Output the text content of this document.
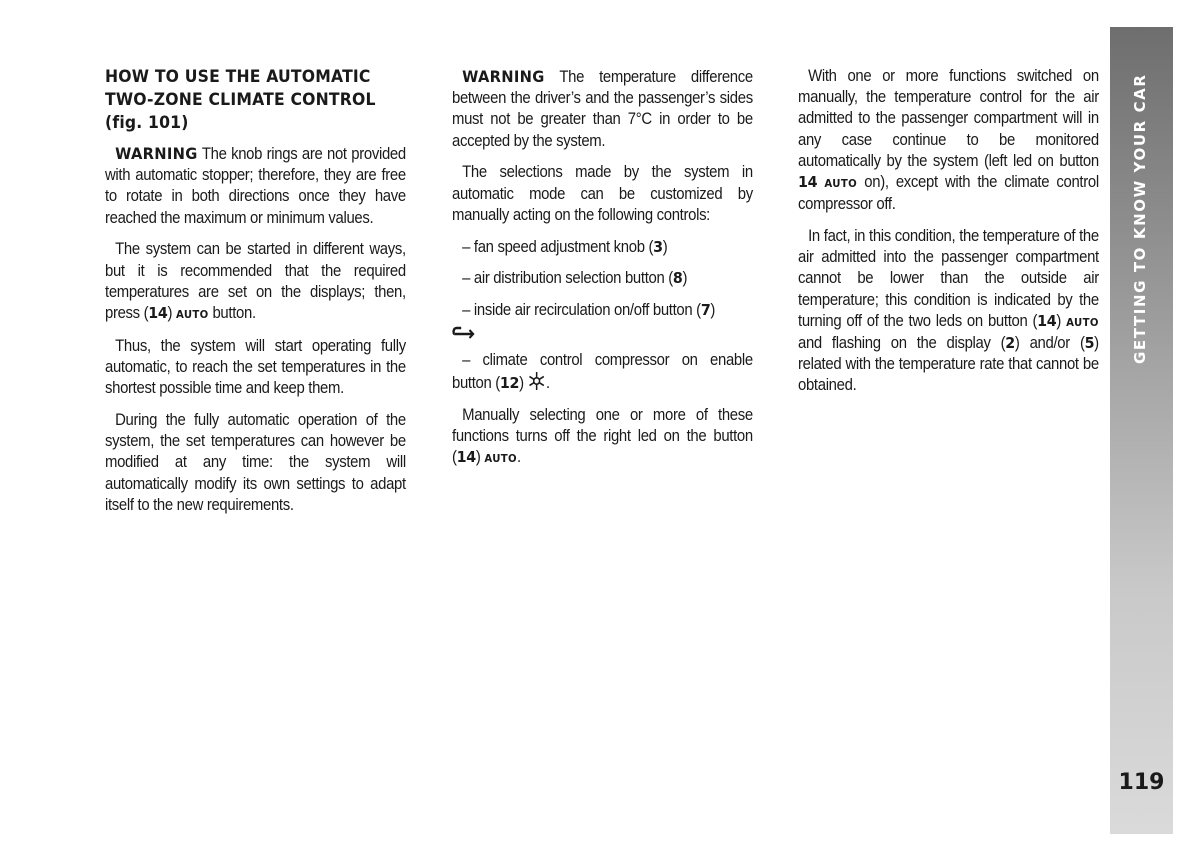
HOW TO USE THE AUTOMATIC
TWO-ZONE CLIMATE CONTROL
(fig. 101)

WARNING The knob rings are not provided with automatic stopper; therefore, they are free to rotate in both directions once they have reached the maximum or minimum values.

The system can be started in different ways, but it is recommended that the required temperatures are set on the displays; then, press (14) AUTO button.

Thus, the system will start operating fully automatic, to reach the set temperatures in the shortest possible time and keep them.

During the fully automatic operation of the system, the set temperatures can however be modified at any time: the system will automatically modify its own settings to adapt itself to the new requirements.

WARNING The temperature difference between the driver’s and the passenger’s sides must not be greater than 7°C in order to be accepted by the system.

The selections made by the system in automatic mode can be customized by manually acting on the following controls:

– fan speed adjustment knob (3)

– air distribution selection button (8)

– inside air recirculation on/off button (7)

– climate control compressor on enable button (12) .

Manually selecting one or more of these functions turns off the right led on the button (14) AUTO.

With one or more functions switched on manually, the temperature control for the air admitted to the passenger compartment will in any case continue to be monitored automatically by the system (left led on button 14 AUTO on), except with the climate control compressor off.

In fact, in this condition, the temperature of the air admitted into the passenger compartment cannot be lower than the outside air temperature; this condition is indicated by the turning off of the two leds on button (14) AUTO and flashing on the display (2) and/or (5) related with the temperature rate that cannot be obtained.

GETTING TO KNOW YOUR CAR
119
